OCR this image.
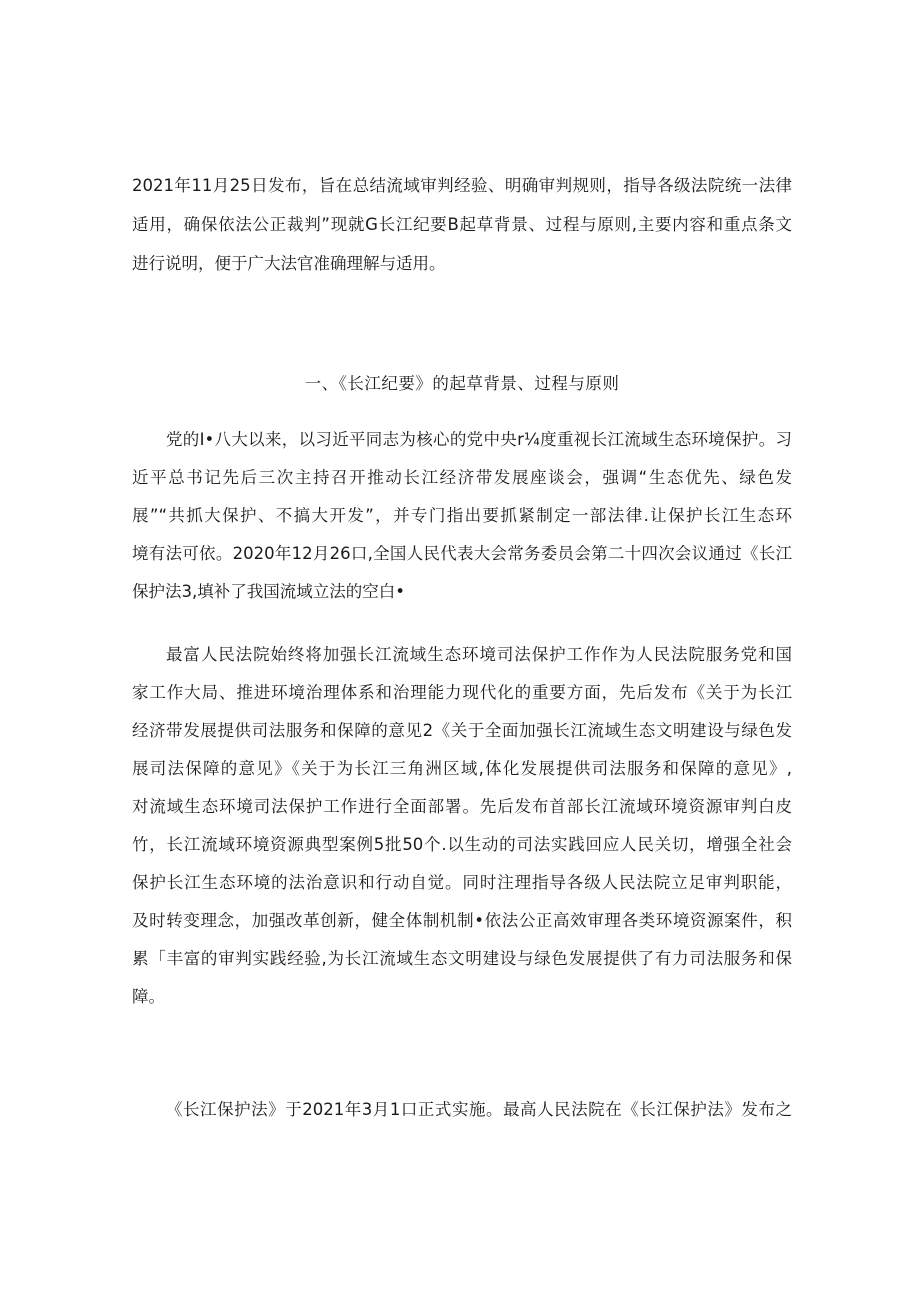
2021年11月25日发布，旨在总结流域审判经验、明确审判规则，指导各级法院统一法律

适用，确保依法公正裁判”现就G长江纪要B起草背景、过程与原则,主要内容和重点条文

进行说明，便于广大法官准确理解与适用。

一、《长江纪要》的起草背景、过程与原则

党的I•八大以来，以习近平同志为核心的党中央r¼度重视长江流域生态环境保护。习

近平总书记先后三次主持召开推动长江经济带发展座谈会，强调“生态优先、绿色发

展”“共抓大保护、不搞大开发”，并专门指出要抓紧制定一部法律.让保护长江生态环

境有法可依。2020年12月26口,全国人民代表大会常务委员会第二十四次会议通过《长江

保护法3,填补了我国流域立法的空白•

最富人民法院始终将加强长江流域生态环境司法保护工作作为人民法院服务党和国

家工作大局、推进环境治理体系和治理能力现代化的重要方面，先后发布《关于为长江

经济带发展提供司法服务和保障的意见2《关于全面加强长江流域生态文明建设与绿色发

展司法保障的意见》《关于为长江三角洲区域,体化发展提供司法服务和保障的意见》,

对流域生态环境司法保护工作进行全面部署。先后发布首部长江流域环境资源审判白皮

竹，长江流域环境资源典型案例5批50个.以生动的司法实践回应人民关切，增强全社会

保护长江生态环境的法治意识和行动自觉。同时注理指导各级人民法院立足审判职能，

及时转变理念，加强改革创新，健全体制机制•依法公正高效审理各类环境资源案件，积

累「丰富的审判实践经验,为长江流域生态文明建设与绿色发展提供了有力司法服务和保

障。

《长江保护法》于2021年3月1口正式实施。最高人民法院在《长江保护法》发布之
